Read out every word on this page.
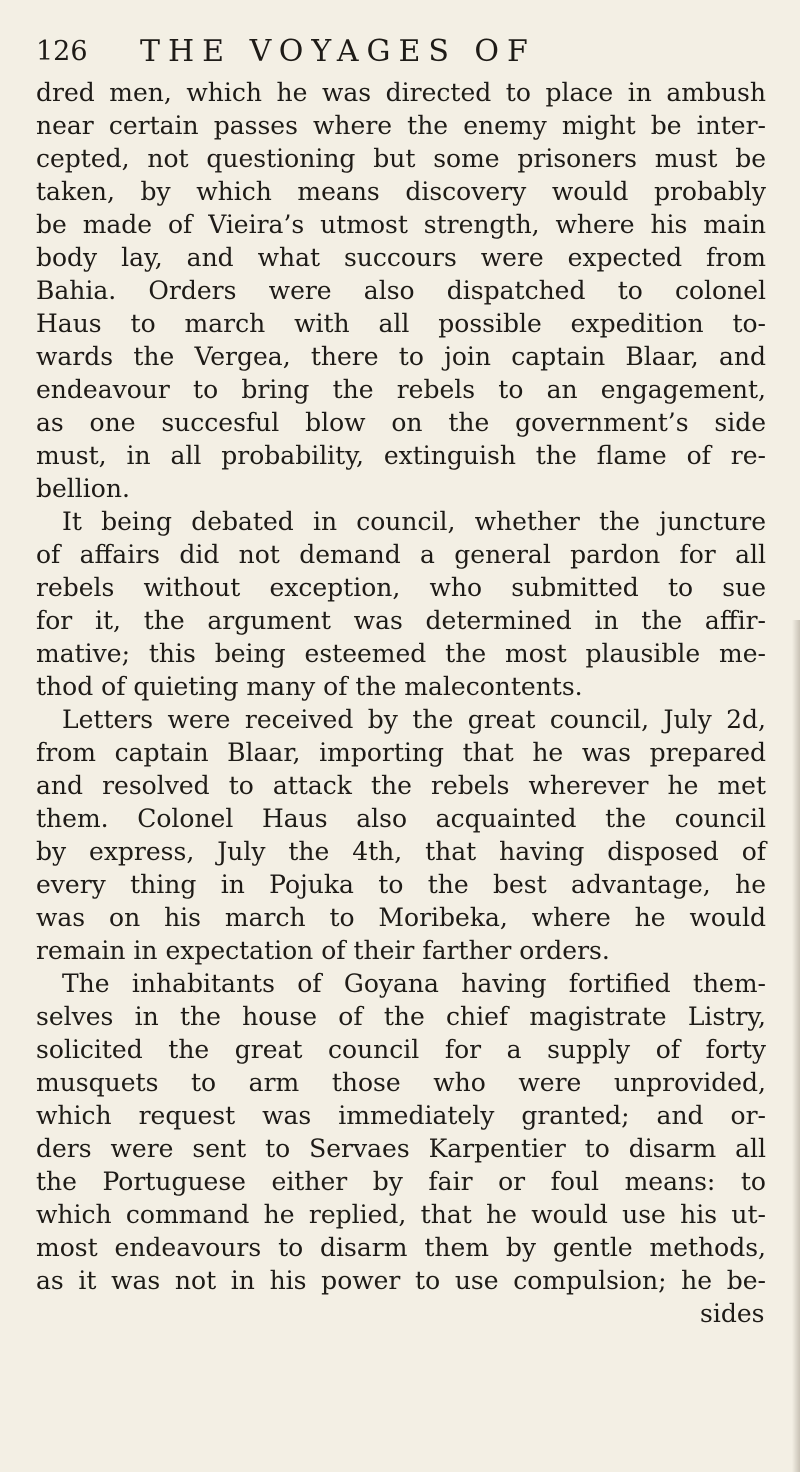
126 THE VOYAGES OF
dred men, which he was directed to place in ambush
near certain passes where the enemy might be inter-
cepted, not questioning but some prisoners must be
taken, by which means discovery would probably
be made of Vieira’s utmost strength, where his main
body lay, and what succours were expected from
Bahia. Orders were also dispatched to colonel
Haus to march with all possible expedition to-
wards the Vergea, there to join captain Blaar, and
endeavour to bring the rebels to an engagement,
as one succesful blow on the government’s side
must, in all probability, extinguish the flame of re-
bellion.
It being debated in council, whether the juncture
of affairs did not demand a general pardon for all
rebels without exception, who submitted to sue
for it, the argument was determined in the affir-
mative; this being esteemed the most plausible me-
thod of quieting many of the malecontents.
Letters were received by the great council, July 2d,
from captain Blaar, importing that he was prepared
and resolved to attack the rebels wherever he met
them. Colonel Haus also acquainted the council
by express, July the 4th, that having disposed of
every thing in Pojuka to the best advantage, he
was on his march to Moribeka, where he would
remain in expectation of their farther orders.
The inhabitants of Goyana having fortified them-
selves in the house of the chief magistrate Listry,
solicited the great council for a supply of forty
musquets to arm those who were unprovided,
which request was immediately granted; and or-
ders were sent to Servaes Karpentier to disarm all
the Portuguese either by fair or foul means: to
which command he replied, that he would use his ut-
most endeavours to disarm them by gentle methods,
as it was not in his power to use compulsion; he be-
sides
